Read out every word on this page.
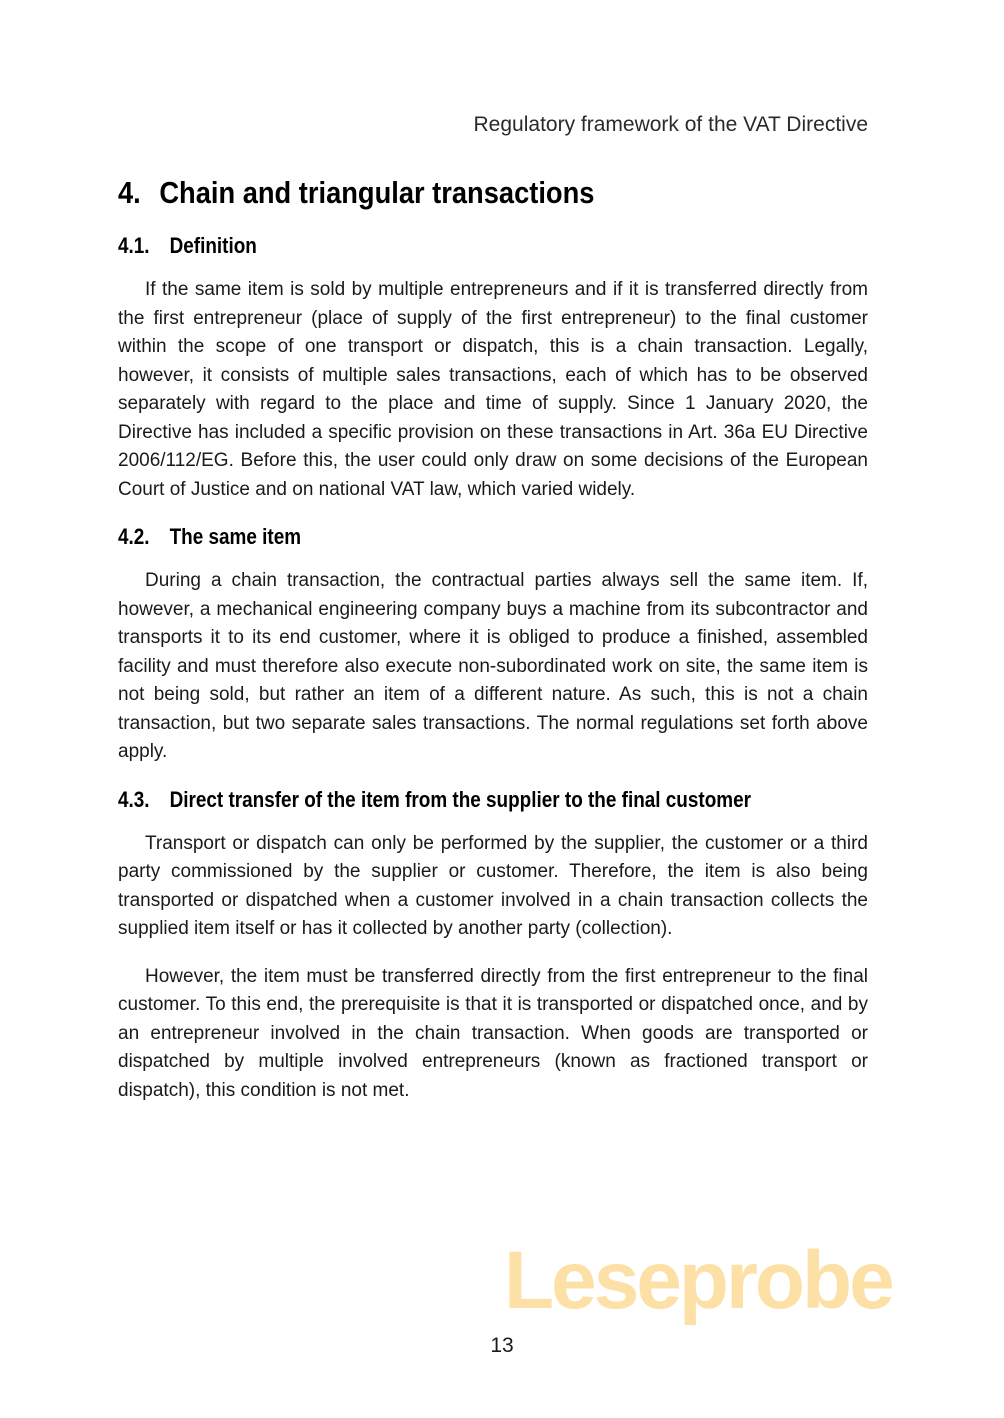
Regulatory framework of the VAT Directive
4. Chain and triangular transactions
4.1. Definition

If the same item is sold by multiple entrepreneurs and if it is transferred directly from the first entrepreneur (place of supply of the first entrepreneur) to the final customer within the scope of one transport or dispatch, this is a chain transaction. Legally, however, it consists of multiple sales transactions, each of which has to be observed separately with regard to the place and time of supply. Since 1 January 2020, the Directive has included a specific provision on these transactions in Art. 36a EU Directive 2006/112/EG. Before this, the user could only draw on some decisions of the European Court of Justice and on national VAT law, which varied widely.

4.2. The same item

During a chain transaction, the contractual parties always sell the same item. If, however, a mechanical engineering company buys a machine from its subcontractor and transports it to its end customer, where it is obliged to produce a finished, assembled facility and must therefore also execute non-subordinated work on site, the same item is not being sold, but rather an item of a different nature. As such, this is not a chain transaction, but two separate sales transactions. The normal regulations set forth above apply.

4.3. Direct transfer of the item from the supplier to the final customer

Transport or dispatch can only be performed by the supplier, the customer or a third party commissioned by the supplier or customer. Therefore, the item is also being transported or dispatched when a customer involved in a chain transaction collects the supplied item itself or has it collected by another party (collection).

However, the item must be transferred directly from the first entrepreneur to the final customer. To this end, the prerequisite is that it is transported or dispatched once, and by an entrepreneur involved in the chain transaction. When goods are transported or dispatched by multiple involved entrepreneurs (known as fractioned transport or dispatch), this condition is not met.

Leseprobe
13
